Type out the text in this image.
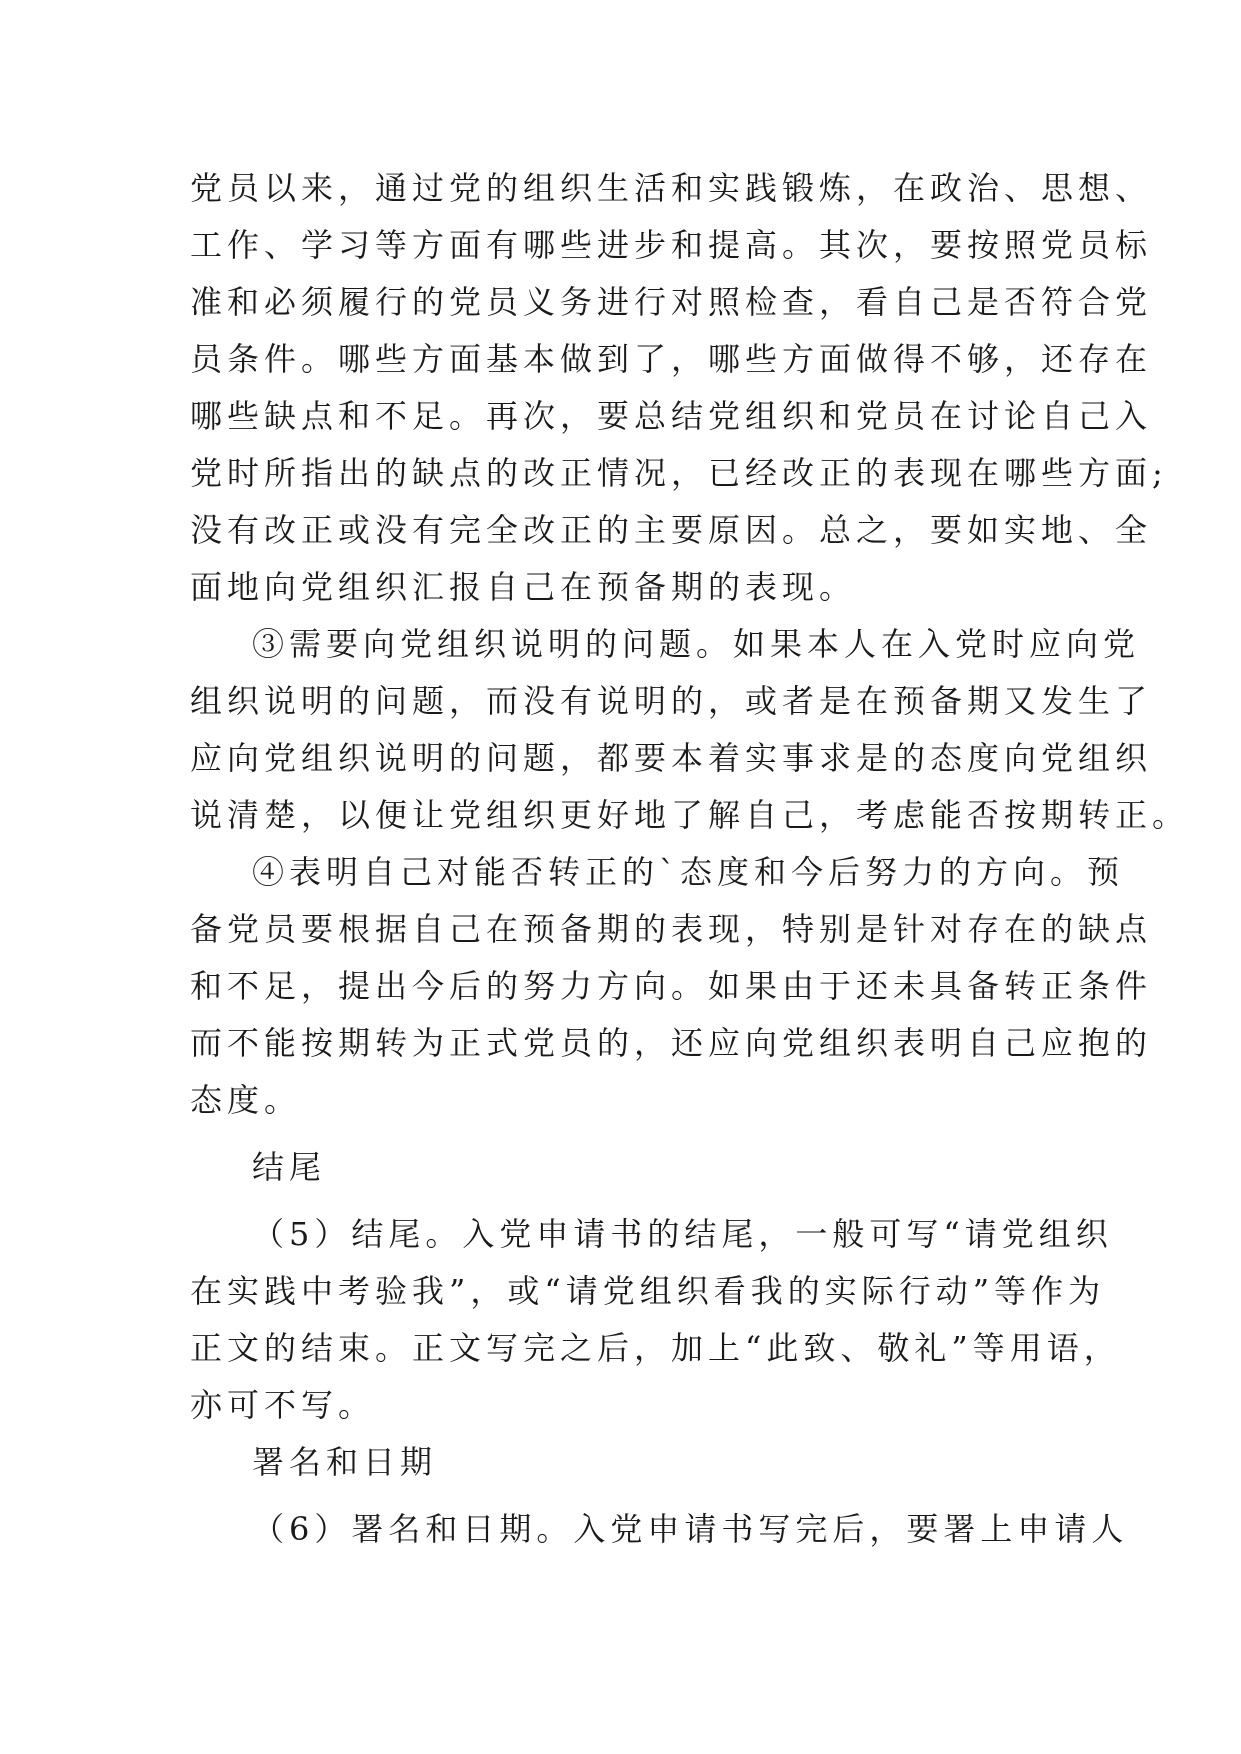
党员以来，通过党的组织生活和实践锻炼，在政治、思想、
工作、学习等方面有哪些进步和提高。其次，要按照党员标
准和必须履行的党员义务进行对照检查，看自己是否符合党
员条件。哪些方面基本做到了，哪些方面做得不够，还存在
哪些缺点和不足。再次，要总结党组织和党员在讨论自己入
党时所指出的缺点的改正情况，已经改正的表现在哪些方面;
没有改正或没有完全改正的主要原因。总之，要如实地、全
面地向党组织汇报自己在预备期的表现。
③需要向党组织说明的问题。如果本人在入党时应向党
组织说明的问题，而没有说明的，或者是在预备期又发生了
应向党组织说明的问题，都要本着实事求是的态度向党组织
说清楚，以便让党组织更好地了解自己，考虑能否按期转正。
④表明自己对能否转正的`态度和今后努力的方向。预
备党员要根据自己在预备期的表现，特别是针对存在的缺点
和不足，提出今后的努力方向。如果由于还未具备转正条件
而不能按期转为正式党员的，还应向党组织表明自己应抱的
态度。
结尾
（5）结尾。入党申请书的结尾，一般可写“请党组织
在实践中考验我”，或“请党组织看我的实际行动”等作为
正文的结束。正文写完之后，加上“此致、敬礼”等用语，
亦可不写。
署名和日期
（6）署名和日期。入党申请书写完后，要署上申请人
